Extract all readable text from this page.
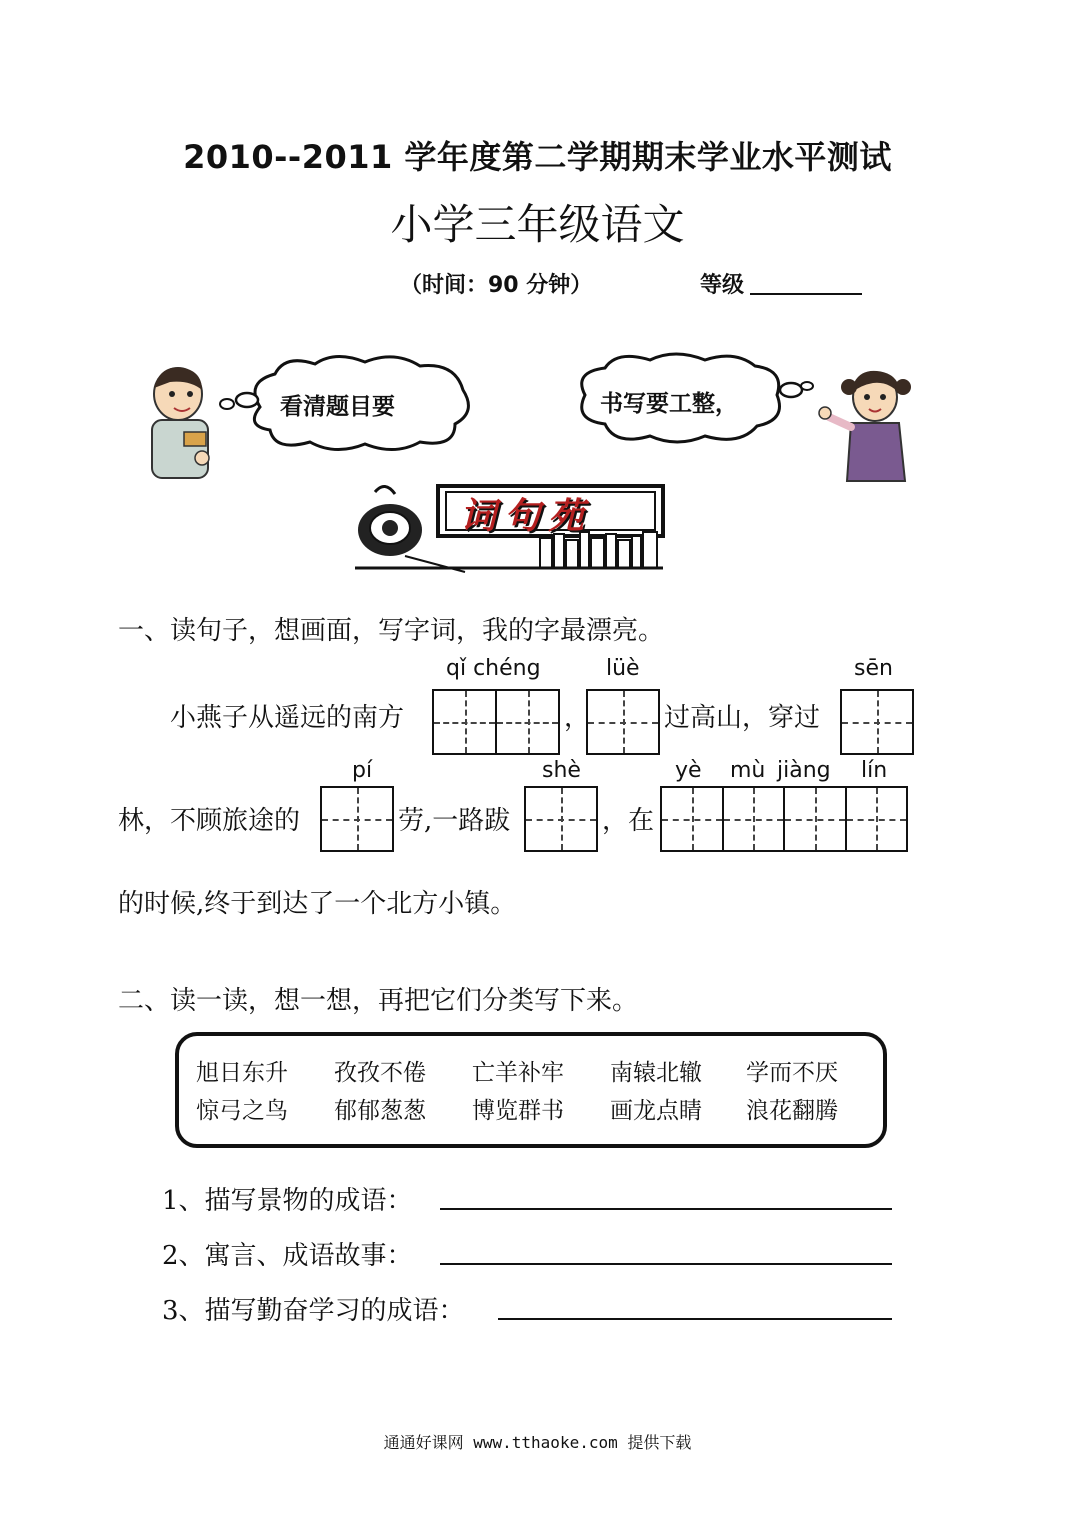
2010--2011 学年度第二学期期末学业水平测试
小学三年级语文
（时间：90 分钟）	等级
看清题目要	书写要工整，
词句苑
一、读句子，想画面，写字词，我的字最漂亮。
qǐ chéng	lüè	sēn
小燕子从遥远的南方	，	过高山，穿过
pí	shè	yè mù jiàng lín
林，不顾旅途的	劳,一路跋	，在
的时候,终于到达了一个北方小镇。
二、读一读，想一想，再把它们分类写下来。
旭日东升 孜孜不倦 亡羊补牢 南辕北辙 学而不厌
惊弓之鸟 郁郁葱葱 博览群书 画龙点睛 浪花翻腾
1、描写景物的成语：
2、寓言、成语故事：
3、描写勤奋学习的成语：
通通好课网 www.tthaoke.com 提供下载
